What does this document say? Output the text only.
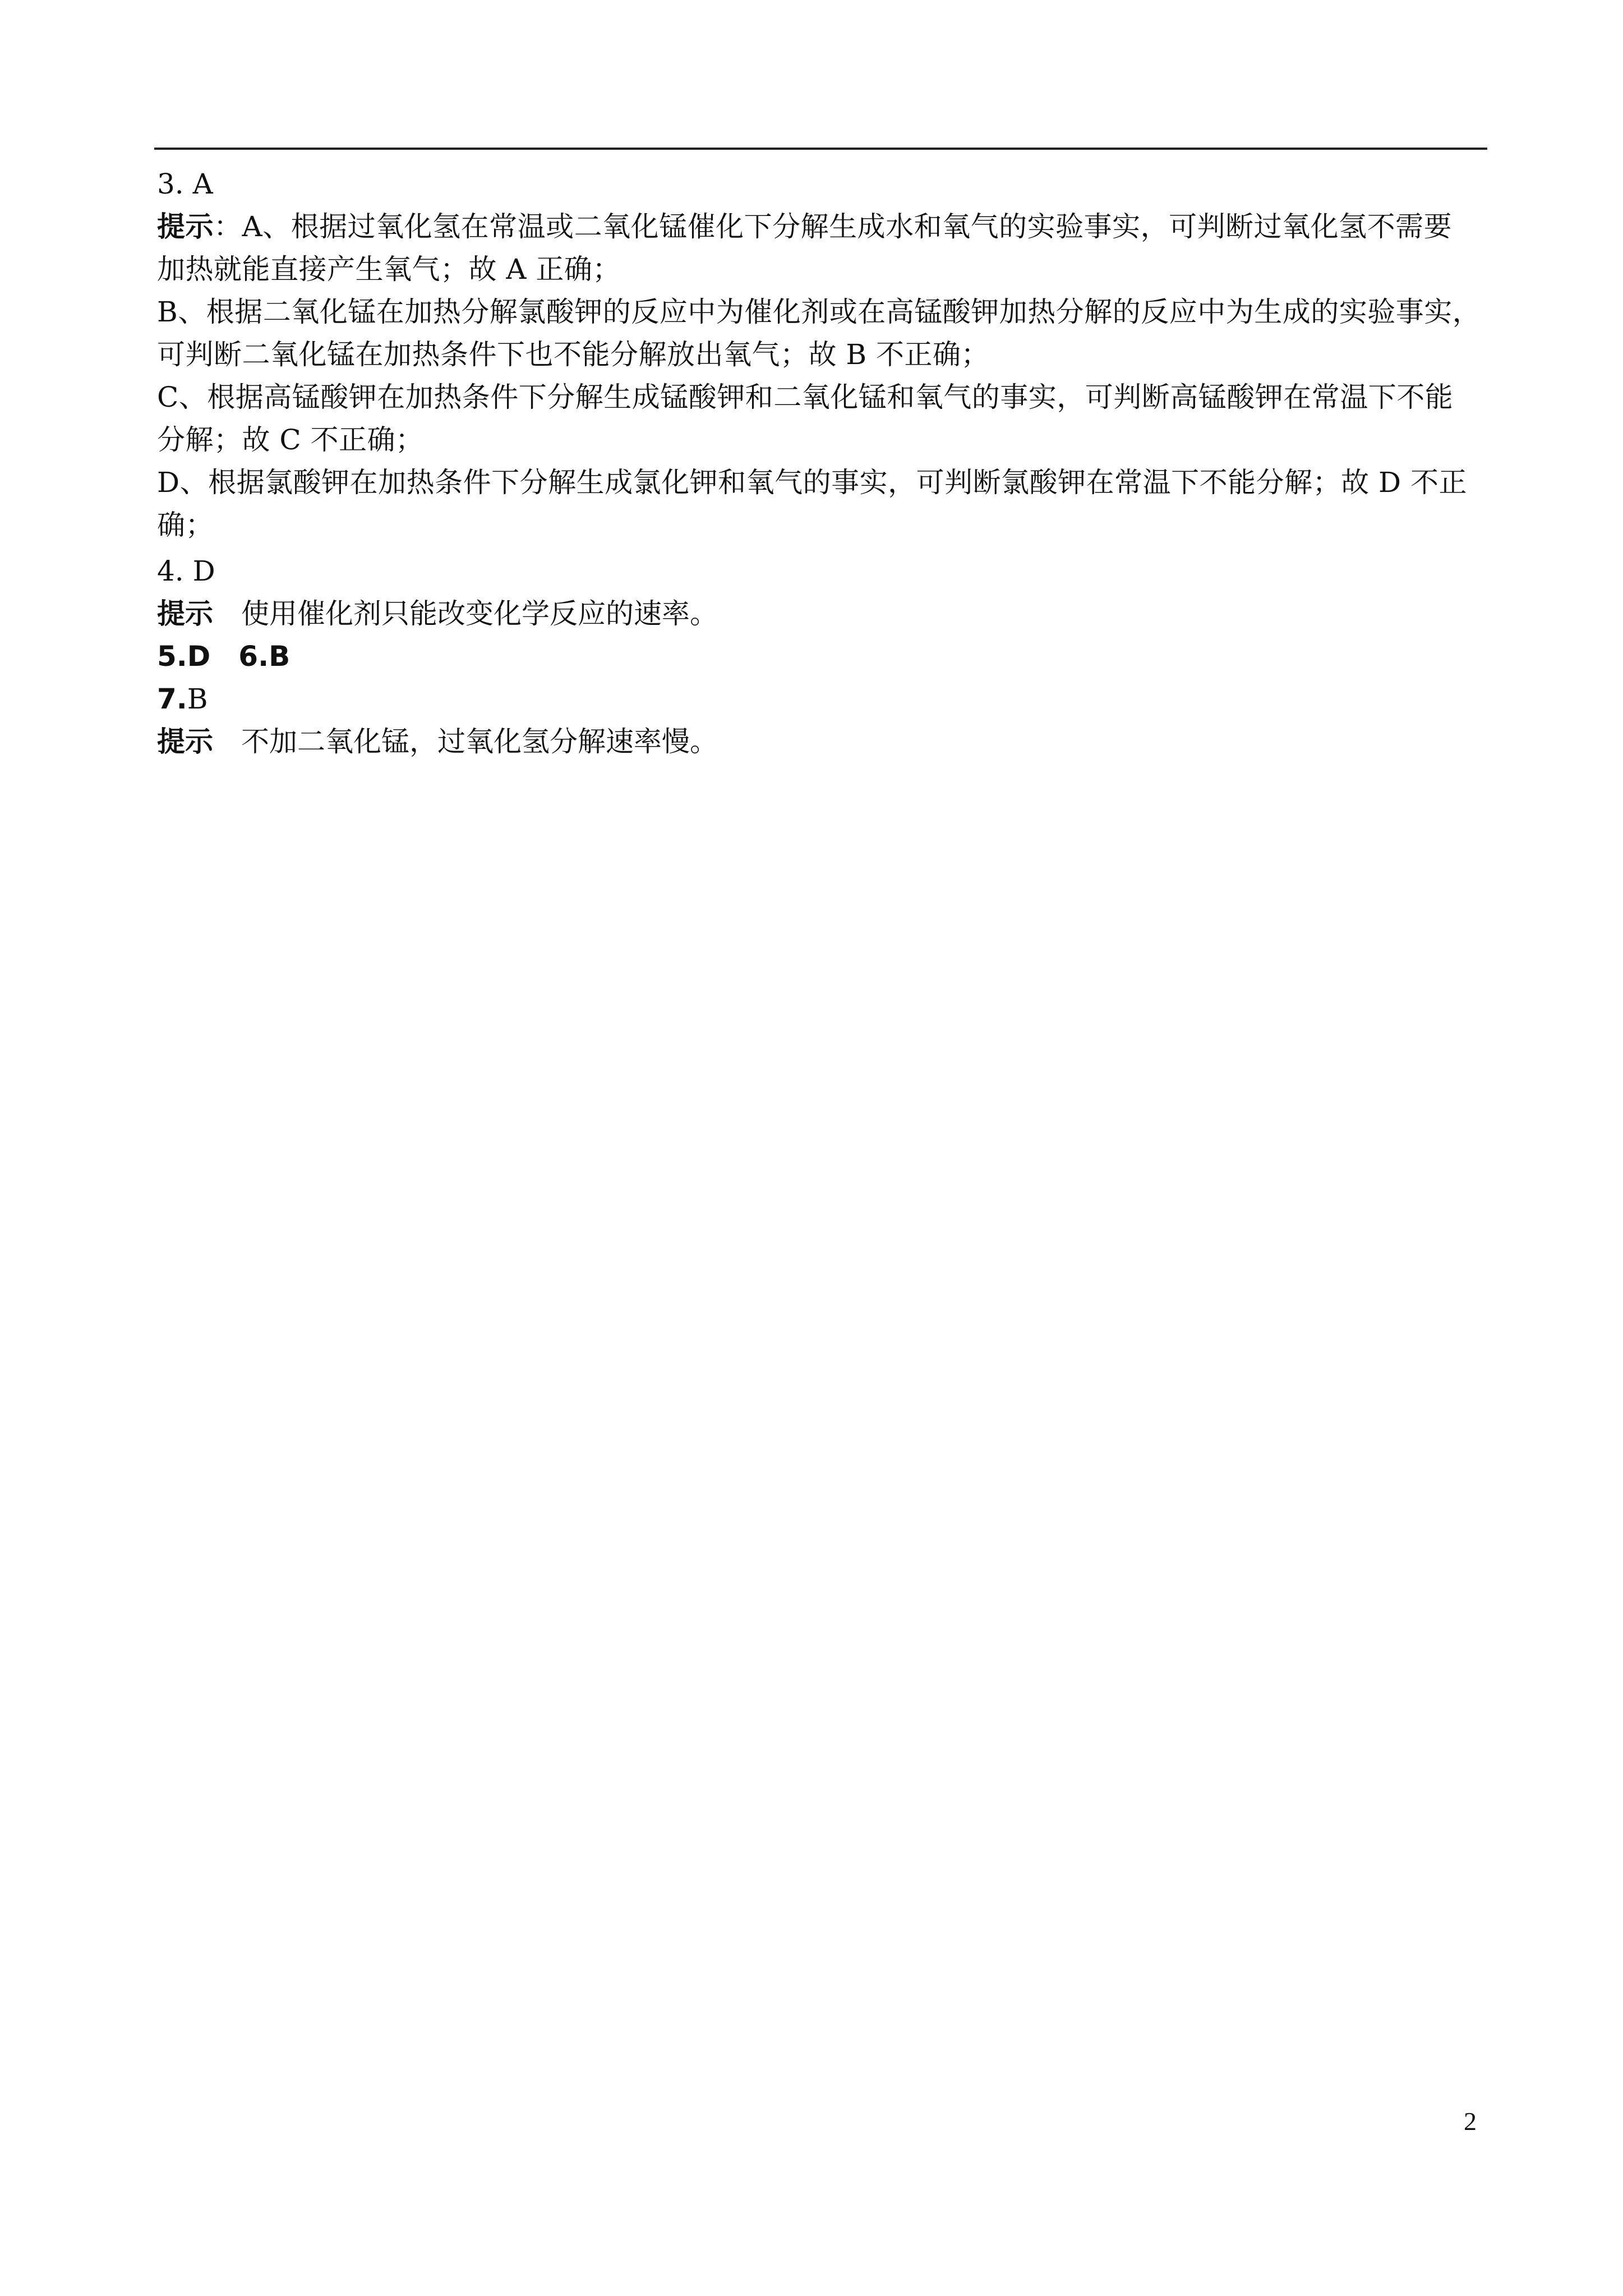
3. A
提示：A、根据过氧化氢在常温或二氧化锰催化下分解生成水和氧气的实验事实，可判断过氧化氢不需要
加热就能直接产生氧气；故 A 正确；
B、根据二氧化锰在加热分解氯酸钾的反应中为催化剂或在高锰酸钾加热分解的反应中为生成的实验事实，
可判断二氧化锰在加热条件下也不能分解放出氧气；故 B 不正确；
C、根据高锰酸钾在加热条件下分解生成锰酸钾和二氧化锰和氧气的事实，可判断高锰酸钾在常温下不能
分解；故 C 不正确；
D、根据氯酸钾在加热条件下分解生成氯化钾和氧气的事实，可判断氯酸钾在常温下不能分解；故 D 不正
确；
4. D
提示 使用催化剂只能改变化学反应的速率。
5.D　6.B
7.B
提示 不加二氧化锰，过氧化氢分解速率慢。
2
